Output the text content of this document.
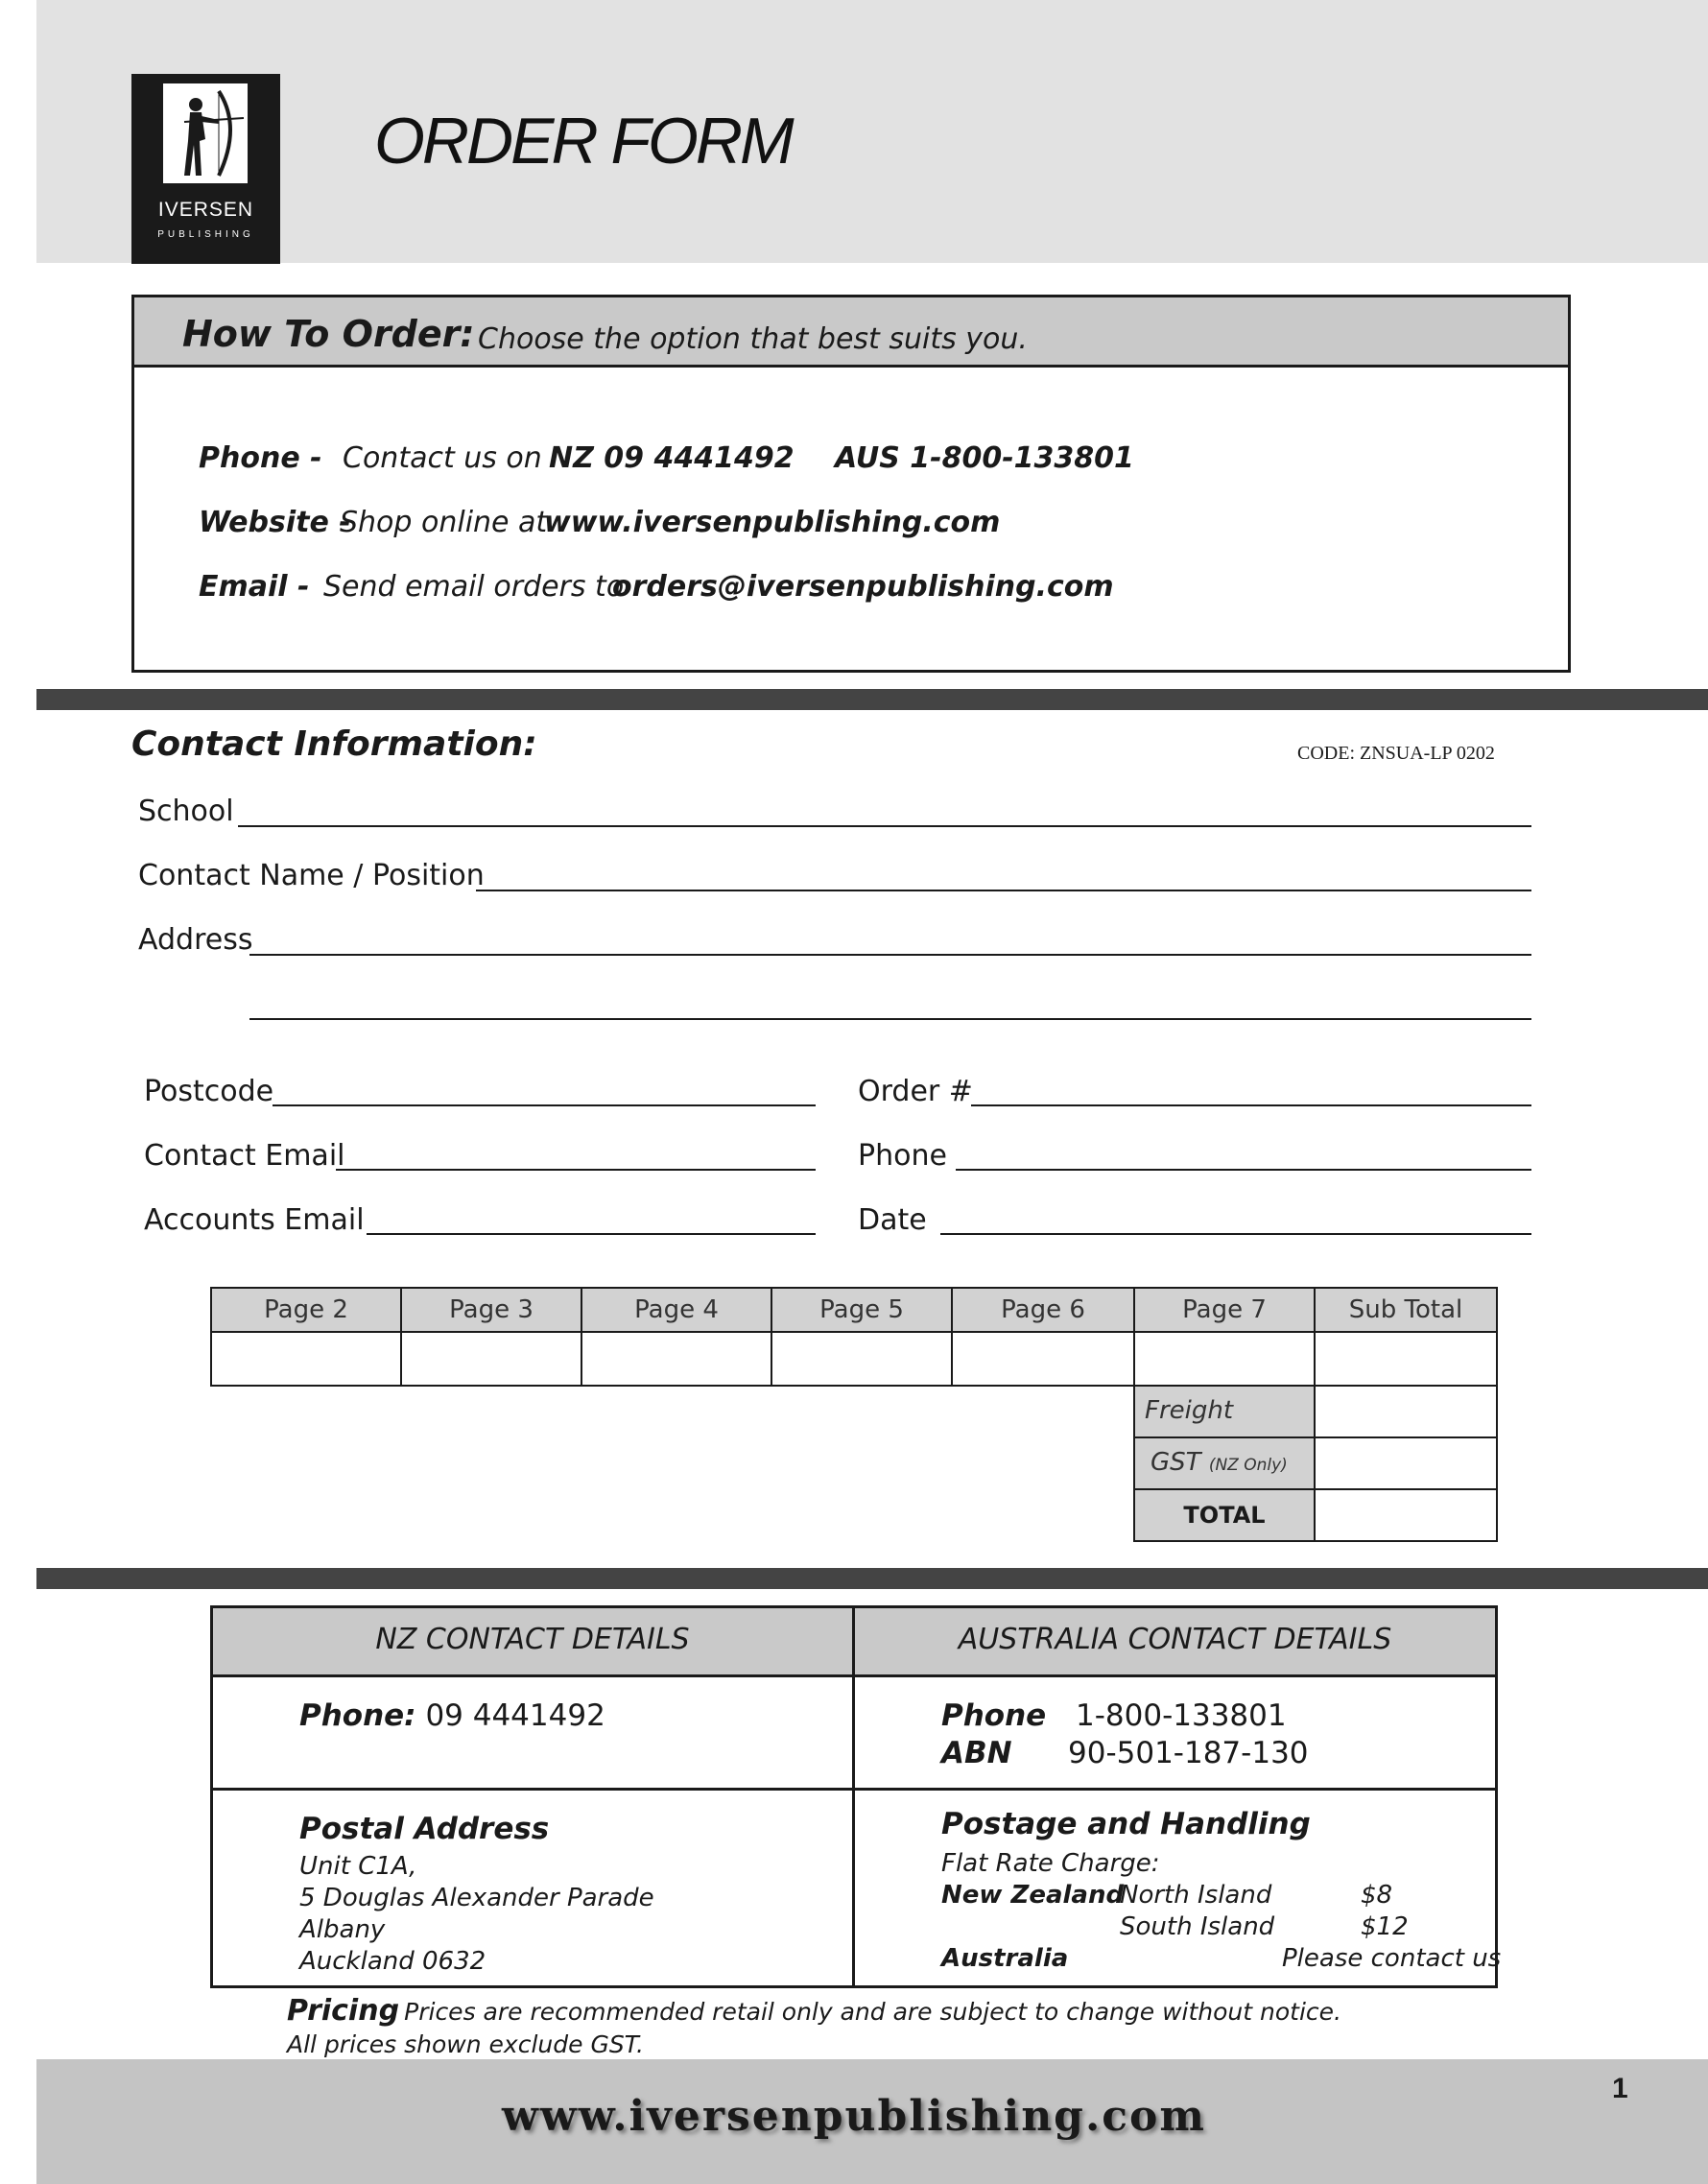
IVERSEN
PUBLISHING
ORDER FORM
How To Order: Choose the option that best suits you.
Phone - Contact us on NZ 09 4441492 AUS 1-800-133801
Website -
Shop online at
www.iversenpublishing.com
Email - Send email orders to
orders@iversenpublishing.com
Contact Information:	CODE: ZNSUA-LP 0202
School
Contact Name / Position
Address
Postcode
Contact Email
Accounts Email
Order #
Phone
Date
Page 2	Page 3	Page 4	Page 5	Page 6	Page 7	Sub Total
Freight
GST (NZ Only)
TOTAL
NZ CONTACT DETAILS	AUSTRALIA CONTACT DETAILS
Phone: 09 4441492	Phone 1-800-133801
ABN 90-501-187-130
Postal Address
Unit C1A,
5 Douglas Alexander Parade
Albany
Auckland 0632
Postage and Handling
Flat Rate Charge:
New Zealand
North Island	$8
South Island	$12
Australia	Please contact us
Pricing Prices are recommended retail only and are subject to change without notice.
All prices shown exclude GST.
www.iversenpublishing.com
1
